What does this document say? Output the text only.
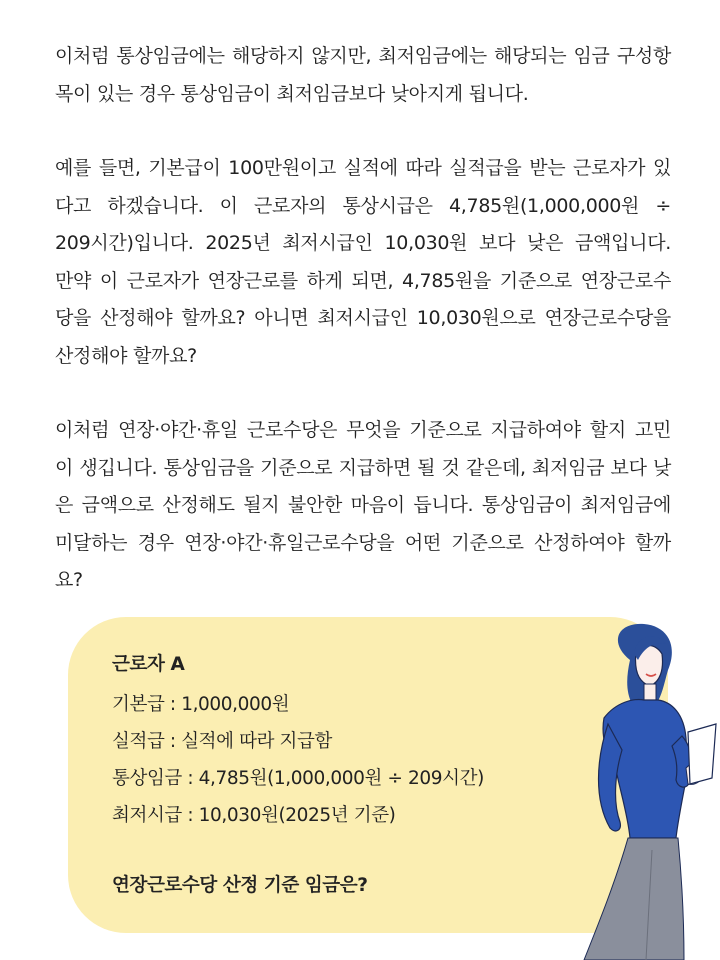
이처럼 통상임금에는 해당하지 않지만, 최저임금에는 해당되는 임금 구성항
목이 있는 경우 통상임금이 최저임금보다 낮아지게 됩니다.

예를 들면, 기본급이 100만원이고 실적에 따라 실적급을 받는 근로자가 있
다고 하겠습니다. 이 근로자의 통상시급은 4,785원(1,000,000원 ÷
209시간)입니다. 2025년 최저시급인 10,030원 보다 낮은 금액입니다.
만약 이 근로자가 연장근로를 하게 되면, 4,785원을 기준으로 연장근로수
당을 산정해야 할까요? 아니면 최저시급인 10,030원으로 연장근로수당을
산정해야 할까요?

이처럼 연장·야간·휴일 근로수당은 무엇을 기준으로 지급하여야 할지 고민
이 생깁니다. 통상임금을 기준으로 지급하면 될 것 같은데, 최저임금 보다 낮
은 금액으로 산정해도 될지 불안한 마음이 듭니다. 통상임금이 최저임금에
미달하는 경우 연장·야간·휴일근로수당을 어떤 기준으로 산정하여야 할까
요?

근로자 A
기본급 : 1,000,000원
실적급 : 실적에 따라 지급함
통상임금 : 4,785원(1,000,000원 ÷ 209시간)
최저시급 : 10,030원(2025년 기준)
연장근로수당 산정 기준 임금은?
